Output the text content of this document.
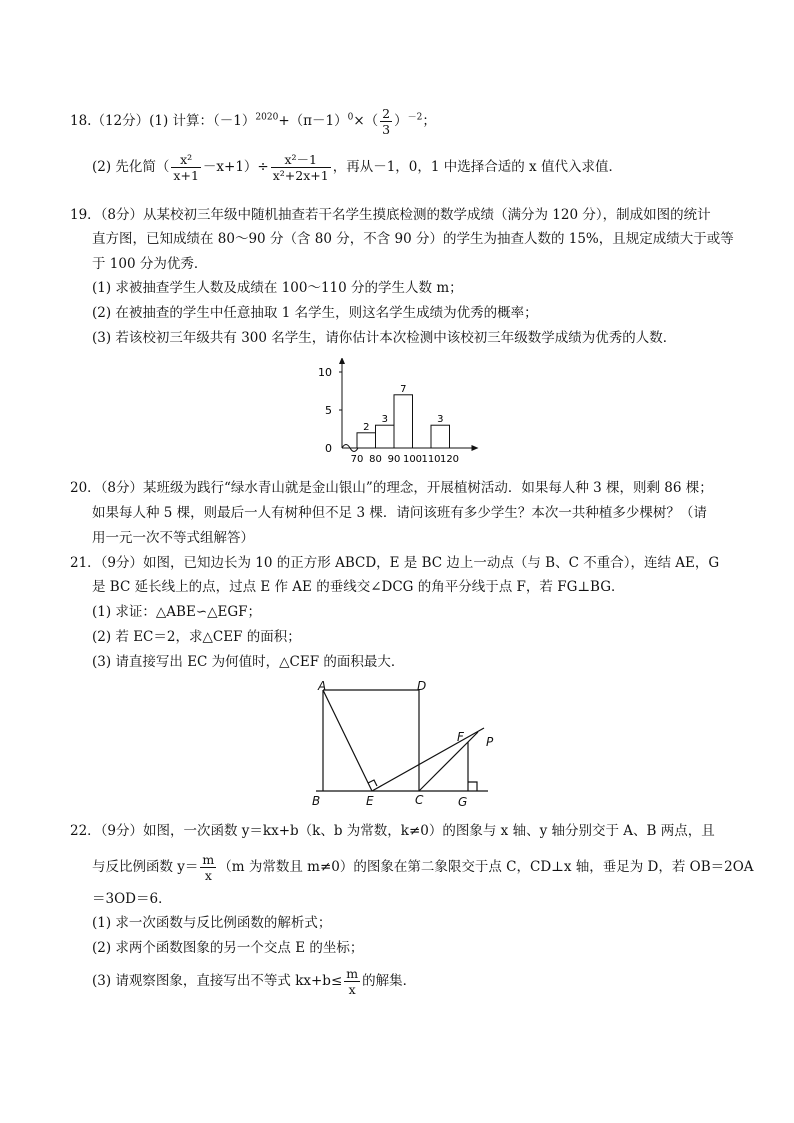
18.（12分）(1) 计算：$(-1)^{2020}+(\pi-1)^0\times( \frac{2}{3} )^{-2}$；
(2) 先化简（ $\frac{\text{x²}}{x+1} -x+1)\div \frac{\text{x²－1}}{\text{x²+2x+1}}$ ，再从－1，0，1 中选择合适的 x 值代入求值．
19．（8分）从某校初三年级中随机抽查若干名学生摸底检测的数学成绩（满分为 120 分），制成如图的统计
直方图，已知成绩在 80～90 分（含 80 分，不含 90 分）的学生为抽查人数的 15%，且规定成绩大于或等
于 100 分为优秀．
(1) 求被抽查学生人数及成绩在 100～110 分的学生人数 m；
(2) 在被抽查的学生中任意抽取 1 名学生，则这名学生成绩为优秀的概率；
(3) 若该校初三年级共有 300 名学生，请你估计本次检测中该校初三年级数学成绩为优秀的人数．
0
5
10
2
3
7
3
70 80 90 100 110 120
20．（8分）某班级为践行“绿水青山就是金山银山”的理念，开展植树活动．如果每人种 3 棵，则剩 86 棵；
如果每人种 5 棵，则最后一人有树种但不足 3 棵．请问该班有多少学生？本次一共种植多少棵树？（请
用一元一次不等式组解答）
21．（9分）如图，已知边长为 10 的正方形 ABCD，E 是 BC 边上一动点（与 B、C 不重合），连结 AE，G
是 BC 延长线上的点，过点 E 作 AE 的垂线交∠DCG 的角平分线于点 F，若 FG⊥BG．
(1) 求证：△ABE∽△EGF；
(2) 若 EC＝2，求△CEF 的面积；
(3) 请直接写出 EC 为何值时，△CEF 的面积最大．
A	D
B	E	C	G
F P
22．（9分）如图，一次函数 y＝kx+b（k、b 为常数，k≠0）的图象与 x 轴、y 轴分别交于 A、B 两点，且
与反比例函数 $y= \frac{m}{x} (m$ 为常数且 m≠0）的图象在第二象限交于点 C，CD⊥x 轴，垂足为 D，若 OB＝2OA
＝3OD＝6．
(1) 求一次函数与反比例函数的解析式；
(2) 求两个函数图象的另一个交点 E 的坐标；
(3) 请观察图象，直接写出不等式 $kx+b\le \frac{m}{x}$ 的解集．
